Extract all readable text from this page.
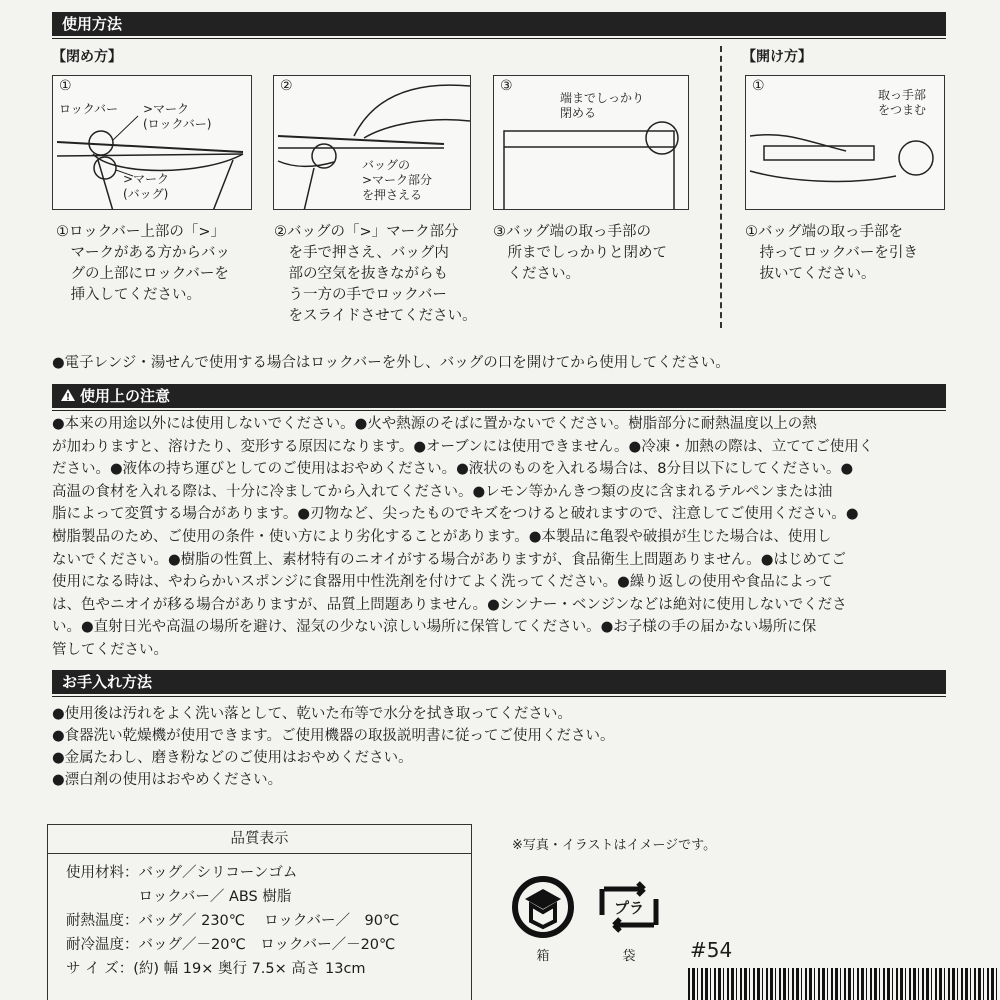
使用方法
【閉め方】	【開け方】
①
ロックバー >マーク
(ロックバー)
>マーク
(バッグ)
②
バッグの
>マーク部分
を押さえる
③
端までしっかり
閉める
①
取っ手部
をつまむ
①ロックバー上部の「>」
　マークがある方からバッ
　グの上部にロックバーを
　挿入してください。
②バッグの「>」マーク部分
　を手で押さえ、バッグ内
　部の空気を抜きながらも
　う一方の手でロックバー
　をスライドさせてください。
③バッグ端の取っ手部の
　所までしっかりと閉めて
　ください。
①バッグ端の取っ手部を
　持ってロックバーを引き
　抜いてください。
●電子レンジ・湯せんで使用する場合はロックバーを外し、バッグの口を開けてから使用してください。
使用上の注意
●本来の用途以外には使用しないでください。●火や熱源のそばに置かないでください。樹脂部分に耐熱温度以上の熱
が加わりますと、溶けたり、変形する原因になります。●オーブンには使用できません。●冷凍・加熱の際は、立ててご使用く
ださい。●液体の持ち運びとしてのご使用はおやめください。●液状のものを入れる場合は、8分目以下にしてください。●
高温の食材を入れる際は、十分に冷ましてから入れてください。●レモン等かんきつ類の皮に含まれるテルペンまたは油
脂によって変質する場合があります。●刃物など、尖ったものでキズをつけると破れますので、注意してご使用ください。●
樹脂製品のため、ご使用の条件・使い方により劣化することがあります。●本製品に亀裂や破損が生じた場合は、使用し
ないでください。●樹脂の性質上、素材特有のニオイがする場合がありますが、食品衛生上問題ありません。●はじめてご
使用になる時は、やわらかいスポンジに食器用中性洗剤を付けてよく洗ってください。●繰り返しの使用や食品によって
は、色やニオイが移る場合がありますが、品質上問題ありません。●シンナー・ベンジンなどは絶対に使用しないでくださ
い。●直射日光や高温の場所を避け、湿気の少ない涼しい場所に保管してください。●お子様の手の届かない場所に保
管してください。
お手入れ方法
●使用後は汚れをよく洗い落として、乾いた布等で水分を拭き取ってください。
●食器洗い乾燥機が使用できます。ご使用機器の取扱説明書に従ってご使用ください。
●金属たわし、磨き粉などのご使用はおやめください。
●漂白剤の使用はおやめください。
品質表示
使用材料：バッグ／シリコーンゴム
　　　　　ロックバー／ ABS 樹脂
耐熱温度：バッグ／ 230℃　 ロックバー／　90℃
耐冷温度：バッグ／－20℃　ロックバー／－20℃
サ イ ズ：(約) 幅 19× 奥行 7.5× 高さ 13cm
※写真・イラストはイメージです。
箱
プラ
袋	#54
